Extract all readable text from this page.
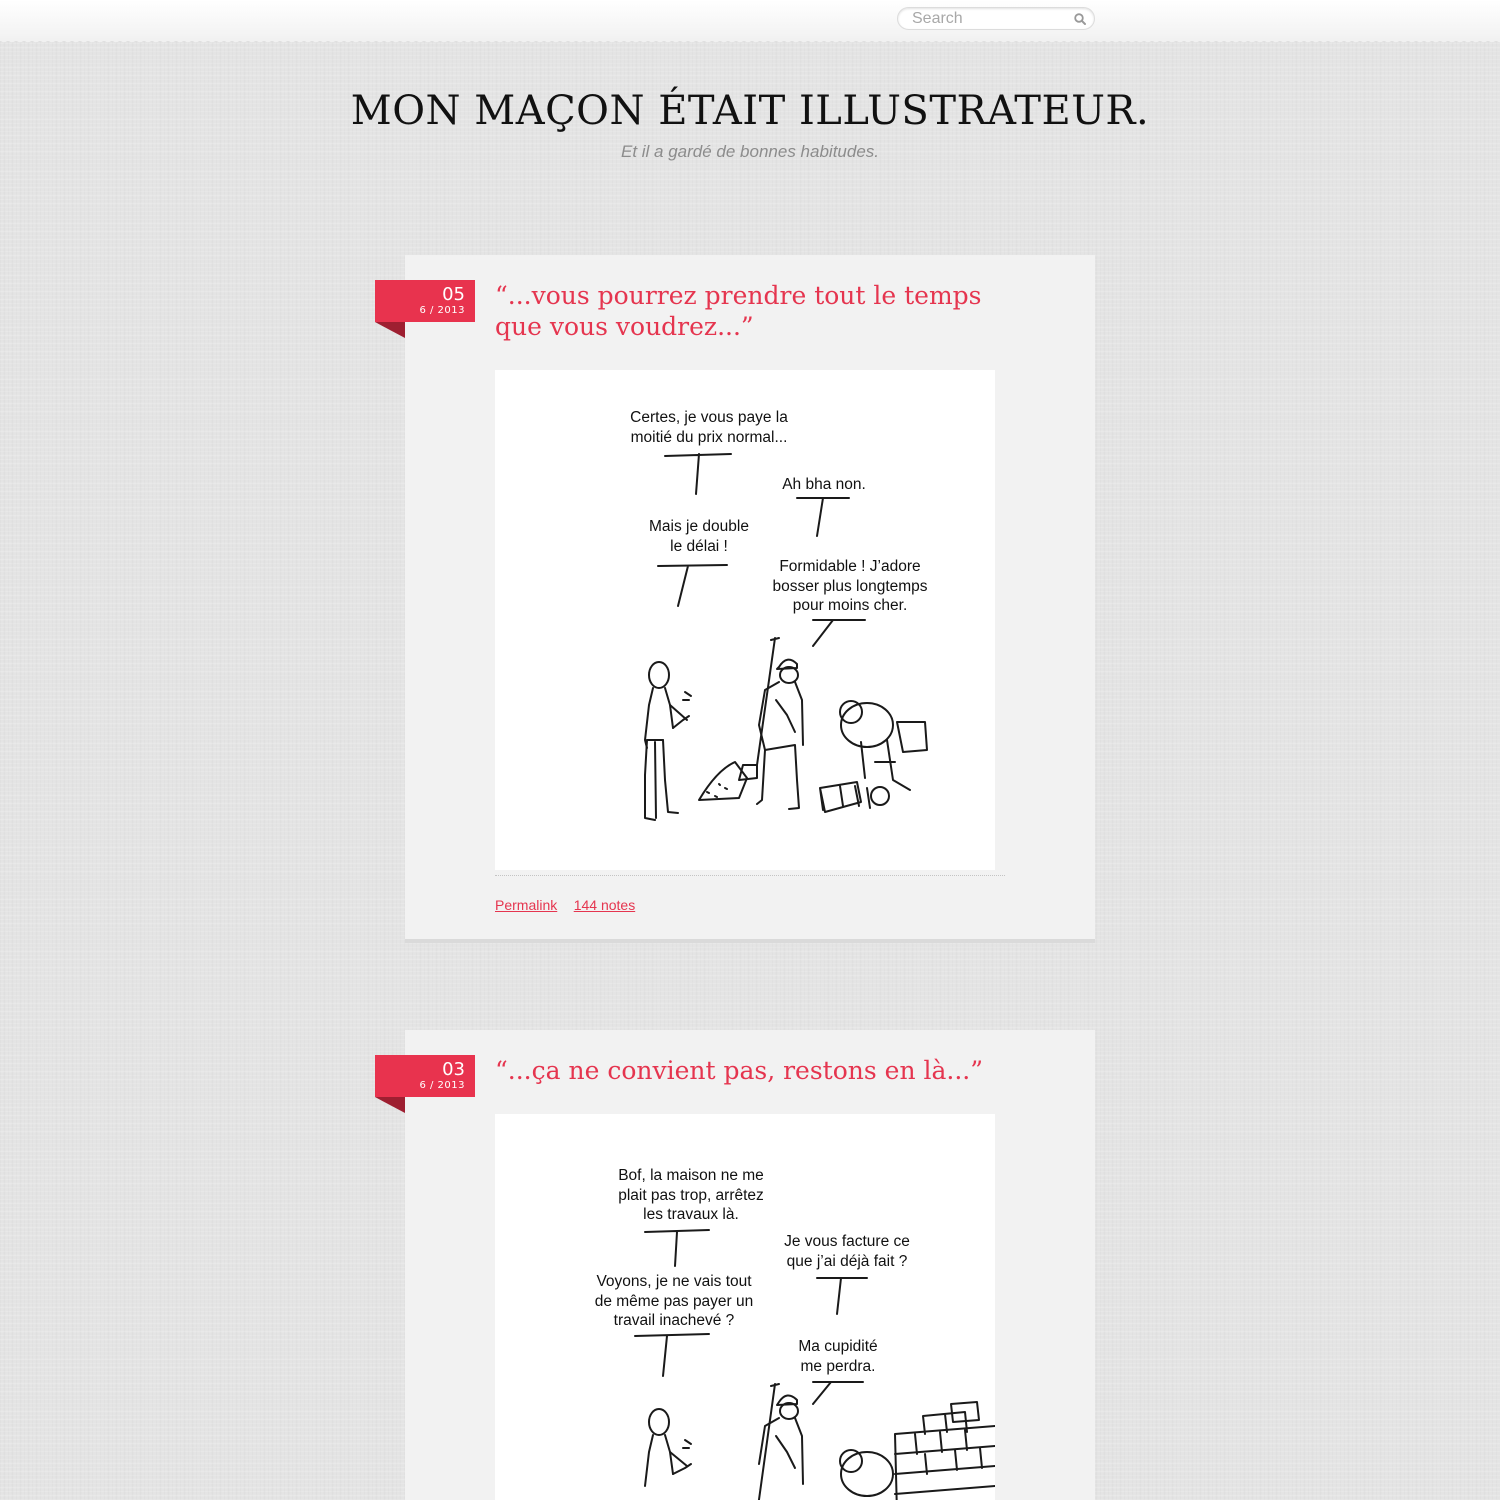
Search
MON MAÇON ÉTAIT ILLUSTRATEUR.
Et il a gardé de bonnes habitudes.
05
6 / 2013
“...vous pourrez prendre tout le temps que vous voudrez...”
Certes, je vous paye la
moitié du prix normal...
Ah bha non.
Mais je double
le délai !
Formidable ! J’adore
bosser plus longtemps
pour moins cher.
Permalink 144 notes
03
6 / 2013
“...ça ne convient pas, restons en là...”
Bof, la maison ne me
plait pas trop, arrêtez
les travaux là.
Je vous facture ce
que j’ai déjà fait ?
Voyons, je ne vais tout
de même pas payer un
travail inachevé ?
Ma cupidité
me perdra.
